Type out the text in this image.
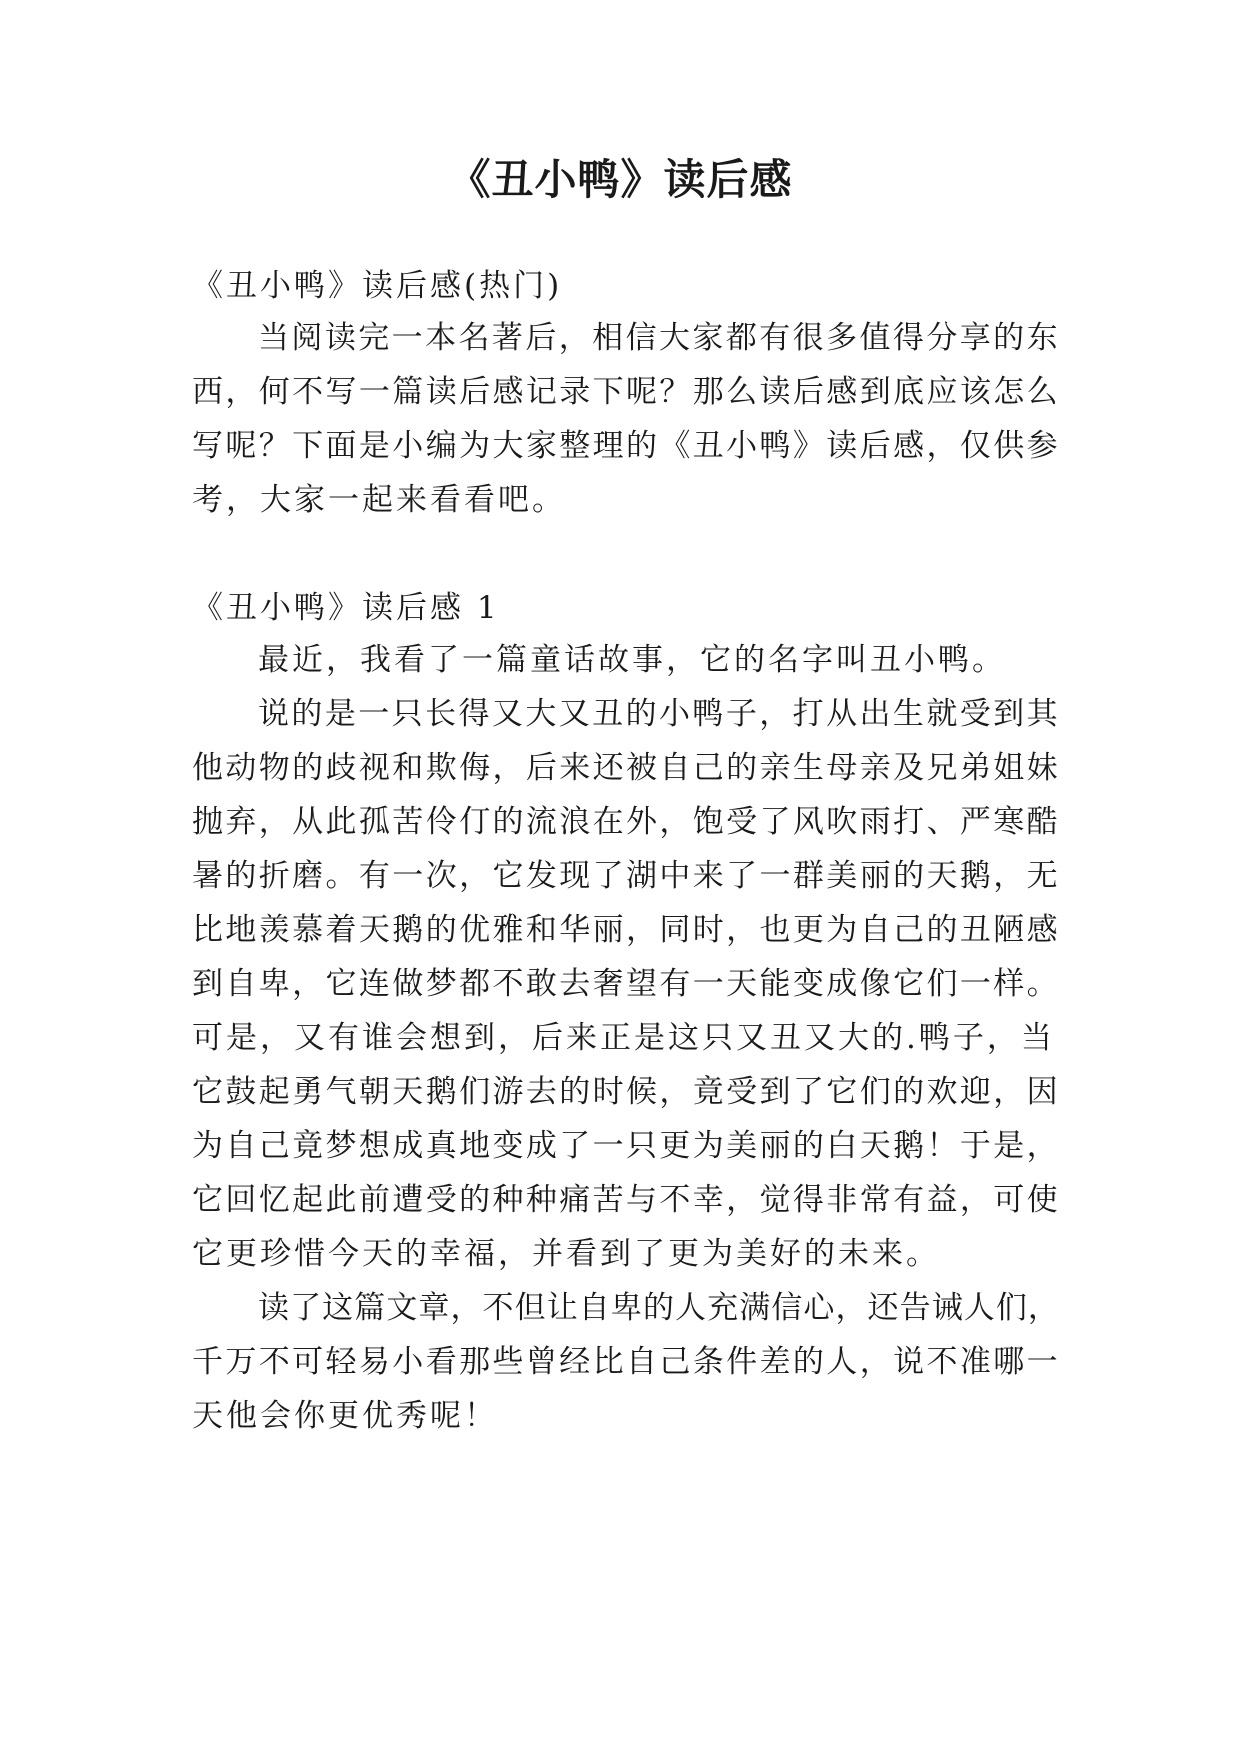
《丑小鸭》读后感
《丑小鸭》读后感(热门)
当阅读完一本名著后，相信大家都有很多值得分享的东
西，何不写一篇读后感记录下呢？那么读后感到底应该怎么
写呢？下面是小编为大家整理的《丑小鸭》读后感，仅供参
考，大家一起来看看吧。
《丑小鸭》读后感 1
最近，我看了一篇童话故事，它的名字叫丑小鸭。
说的是一只长得又大又丑的小鸭子，打从出生就受到其
他动物的歧视和欺侮，后来还被自己的亲生母亲及兄弟姐妹
抛弃，从此孤苦伶仃的流浪在外，饱受了风吹雨打、严寒酷
暑的折磨。有一次，它发现了湖中来了一群美丽的天鹅，无
比地羡慕着天鹅的优雅和华丽，同时，也更为自己的丑陋感
到自卑，它连做梦都不敢去奢望有一天能变成像它们一样。
可是，又有谁会想到，后来正是这只又丑又大的.鸭子，当
它鼓起勇气朝天鹅们游去的时候，竟受到了它们的欢迎，因
为自己竟梦想成真地变成了一只更为美丽的白天鹅！于是，
它回忆起此前遭受的种种痛苦与不幸，觉得非常有益，可使
它更珍惜今天的幸福，并看到了更为美好的未来。
读了这篇文章，不但让自卑的人充满信心，还告诫人们，
千万不可轻易小看那些曾经比自己条件差的人，说不准哪一
天他会你更优秀呢！
